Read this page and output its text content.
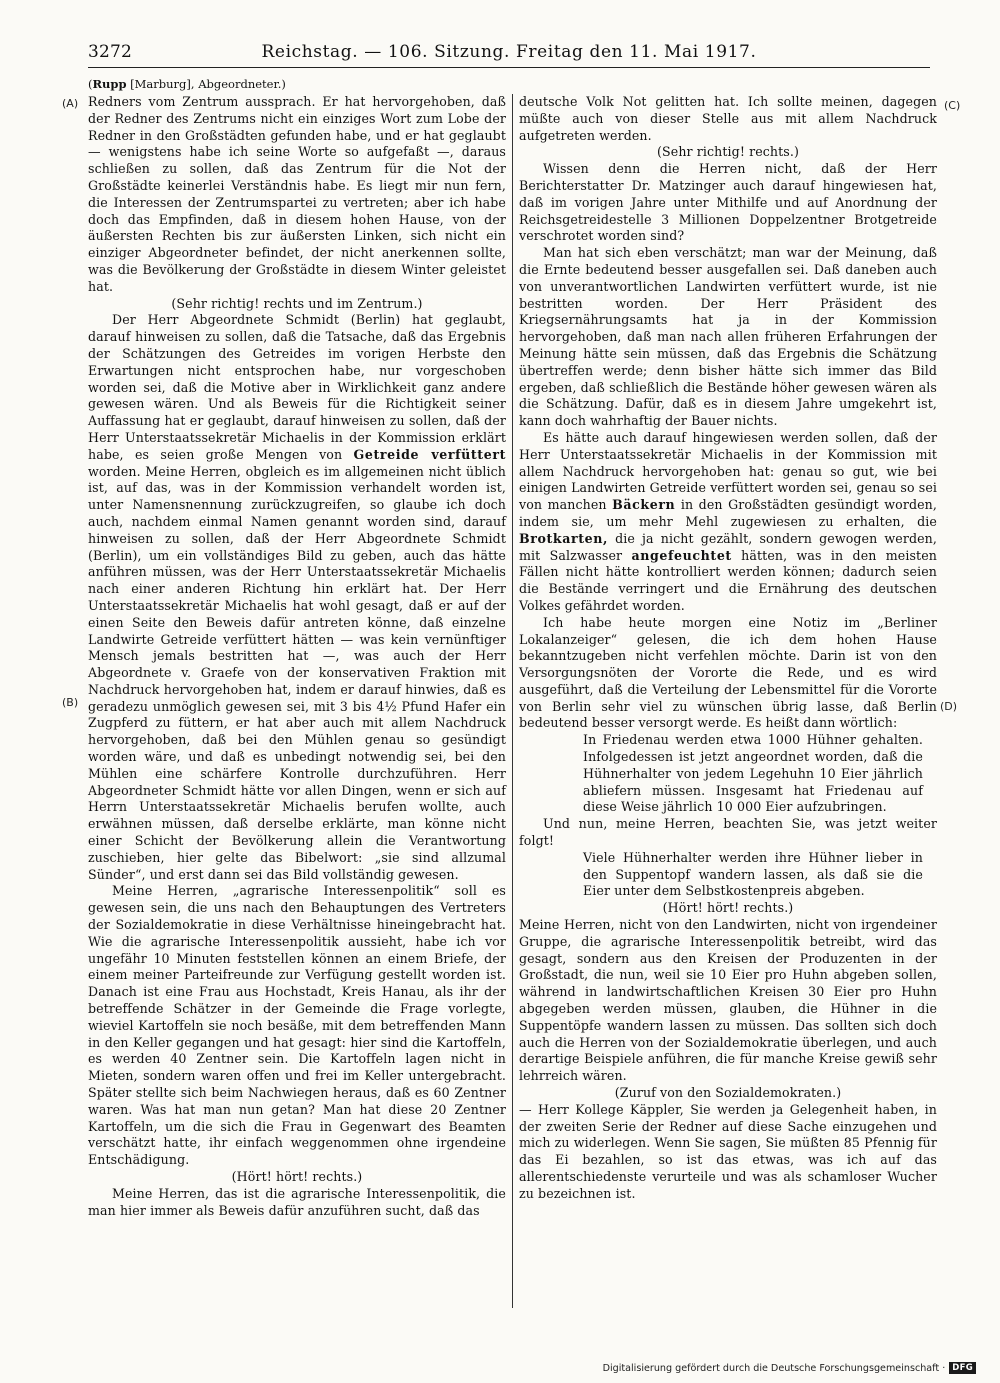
3272	Reichstag. — 106. Sitzung. Freitag den 11. Mai 1917.
(Rupp [Marburg], Abgeordneter.)
(A)
(B)
(C)
(D)

Redners vom Zentrum aussprach. Er hat hervorgehoben, daß der Redner des Zentrums nicht ein einziges Wort zum Lobe der Redner in den Großstädten gefunden habe, und er hat geglaubt — wenigstens habe ich seine Worte so aufgefaßt —, daraus schließen zu sollen, daß das Zentrum für die Not der Großstädte keinerlei Verständnis habe. Es liegt mir nun fern, die Interessen der Zentrumspartei zu vertreten; aber ich habe doch das Empfinden, daß in diesem hohen Hause, von der äußersten Rechten bis zur äußersten Linken, sich nicht ein einziger Abgeordneter befindet, der nicht anerkennen sollte, was die Bevölkerung der Großstädte in diesem Winter geleistet hat.

(Sehr richtig! rechts und im Zentrum.)

Der Herr Abgeordnete Schmidt (Berlin) hat geglaubt, darauf hinweisen zu sollen, daß die Tatsache, daß das Ergebnis der Schätzungen des Getreides im vorigen Herbste den Erwartungen nicht entsprochen habe, nur vorgeschoben worden sei, daß die Motive aber in Wirklichkeit ganz andere gewesen wären. Und als Beweis für die Richtigkeit seiner Auffassung hat er geglaubt, darauf hinweisen zu sollen, daß der Herr Unterstaatssekretär Michaelis in der Kommission erklärt habe, es seien große Mengen von Getreide verfüttert worden. Meine Herren, obgleich es im allgemeinen nicht üblich ist, auf das, was in der Kommission verhandelt worden ist, unter Namensnennung zurückzugreifen, so glaube ich doch auch, nachdem einmal Namen genannt worden sind, darauf hinweisen zu sollen, daß der Herr Abgeordnete Schmidt (Berlin), um ein vollständiges Bild zu geben, auch das hätte anführen müssen, was der Herr Unterstaatssekretär Michaelis nach einer anderen Richtung hin erklärt hat. Der Herr Unterstaatssekretär Michaelis hat wohl gesagt, daß er auf der einen Seite den Beweis dafür antreten könne, daß einzelne Landwirte Getreide verfüttert hätten — was kein vernünftiger Mensch jemals bestritten hat —, was auch der Herr Abgeordnete v. Graefe von der konservativen Fraktion mit Nachdruck hervorgehoben hat, indem er darauf hinwies, daß es geradezu unmöglich gewesen sei, mit 3 bis 4½ Pfund Hafer ein Zugpferd zu füttern, er hat aber auch mit allem Nachdruck hervorgehoben, daß bei den Mühlen genau so gesündigt worden wäre, und daß es unbedingt notwendig sei, bei den Mühlen eine schärfere Kontrolle durchzuführen. Herr Abgeordneter Schmidt hätte vor allen Dingen, wenn er sich auf Herrn Unterstaatssekretär Michaelis berufen wollte, auch erwähnen müssen, daß derselbe erklärte, man könne nicht einer Schicht der Bevölkerung allein die Verantwortung zuschieben, hier gelte das Bibelwort: „sie sind allzumal Sünder“, und erst dann sei das Bild vollständig gewesen.

Meine Herren, „agrarische Interessenpolitik“ soll es gewesen sein, die uns nach den Behauptungen des Vertreters der Sozialdemokratie in diese Verhältnisse hineingebracht hat. Wie die agrarische Interessenpolitik aussieht, habe ich vor ungefähr 10 Minuten feststellen können an einem Briefe, der einem meiner Parteifreunde zur Verfügung gestellt worden ist. Danach ist eine Frau aus Hochstadt, Kreis Hanau, als ihr der betreffende Schätzer in der Gemeinde die Frage vorlegte, wieviel Kartoffeln sie noch besäße, mit dem betreffenden Mann in den Keller gegangen und hat gesagt: hier sind die Kartoffeln, es werden 40 Zentner sein. Die Kartoffeln lagen nicht in Mieten, sondern waren offen und frei im Keller untergebracht. Später stellte sich beim Nachwiegen heraus, daß es 60 Zentner waren. Was hat man nun getan? Man hat diese 20 Zentner Kartoffeln, um die sich die Frau in Gegenwart des Beamten verschätzt hatte, ihr einfach weggenommen ohne irgendeine Entschädigung.

(Hört! hört! rechts.)

Meine Herren, das ist die agrarische Interessenpolitik, die man hier immer als Beweis dafür anzuführen sucht, daß das

deutsche Volk Not gelitten hat. Ich sollte meinen, dagegen müßte auch von dieser Stelle aus mit allem Nachdruck aufgetreten werden.

(Sehr richtig! rechts.)

Wissen denn die Herren nicht, daß der Herr Berichterstatter Dr. Matzinger auch darauf hingewiesen hat, daß im vorigen Jahre unter Mithilfe und auf Anordnung der Reichsgetreidestelle 3 Millionen Doppelzentner Brotgetreide verschrotet worden sind?

Man hat sich eben verschätzt; man war der Meinung, daß die Ernte bedeutend besser ausgefallen sei. Daß daneben auch von unverantwortlichen Landwirten verfüttert wurde, ist nie bestritten worden. Der Herr Präsident des Kriegsernährungsamts hat ja in der Kommission hervorgehoben, daß man nach allen früheren Erfahrungen der Meinung hätte sein müssen, daß das Ergebnis die Schätzung übertreffen werde; denn bisher hätte sich immer das Bild ergeben, daß schließlich die Bestände höher gewesen wären als die Schätzung. Dafür, daß es in diesem Jahre umgekehrt ist, kann doch wahrhaftig der Bauer nichts.

Es hätte auch darauf hingewiesen werden sollen, daß der Herr Unterstaatssekretär Michaelis in der Kommission mit allem Nachdruck hervorgehoben hat: genau so gut, wie bei einigen Landwirten Getreide verfüttert worden sei, genau so sei von manchen Bäckern in den Großstädten gesündigt worden, indem sie, um mehr Mehl zugewiesen zu erhalten, die Brotkarten, die ja nicht gezählt, sondern gewogen werden, mit Salzwasser angefeuchtet hätten, was in den meisten Fällen nicht hätte kontrolliert werden können; dadurch seien die Bestände verringert und die Ernährung des deutschen Volkes gefährdet worden.

Ich habe heute morgen eine Notiz im „Berliner Lokalanzeiger“ gelesen, die ich dem hohen Hause bekanntzugeben nicht verfehlen möchte. Darin ist von den Versorgungsnöten der Vororte die Rede, und es wird ausgeführt, daß die Verteilung der Lebensmittel für die Vororte von Berlin sehr viel zu wünschen übrig lasse, daß Berlin bedeutend besser versorgt werde. Es heißt dann wörtlich:

In Friedenau werden etwa 1000 Hühner gehalten. Infolgedessen ist jetzt angeordnet worden, daß die Hühnerhalter von jedem Legehuhn 10 Eier jährlich abliefern müssen. Insgesamt hat Friedenau auf diese Weise jährlich 10 000 Eier aufzubringen.

Und nun, meine Herren, beachten Sie, was jetzt weiter folgt!

Viele Hühnerhalter werden ihre Hühner lieber in den Suppentopf wandern lassen, als daß sie die Eier unter dem Selbstkostenpreis abgeben.

(Hört! hört! rechts.)

Meine Herren, nicht von den Landwirten, nicht von irgendeiner Gruppe, die agrarische Interessenpolitik betreibt, wird das gesagt, sondern aus den Kreisen der Produzenten in der Großstadt, die nun, weil sie 10 Eier pro Huhn abgeben sollen, während in landwirtschaftlichen Kreisen 30 Eier pro Huhn abgegeben werden müssen, glauben, die Hühner in die Suppentöpfe wandern lassen zu müssen. Das sollten sich doch auch die Herren von der Sozialdemokratie überlegen, und auch derartige Beispiele anführen, die für manche Kreise gewiß sehr lehrreich wären.

(Zuruf von den Sozialdemokraten.)

— Herr Kollege Käppler, Sie werden ja Gelegenheit haben, in der zweiten Serie der Redner auf diese Sache einzugehen und mich zu widerlegen. Wenn Sie sagen, Sie müßten 85 Pfennig für das Ei bezahlen, so ist das etwas, was ich auf das allerentschiedenste verurteile und was als schamloser Wucher zu bezeichnen ist.

Digitalisierung gefördert durch die Deutsche Forschungsgemeinschaft · DFG
